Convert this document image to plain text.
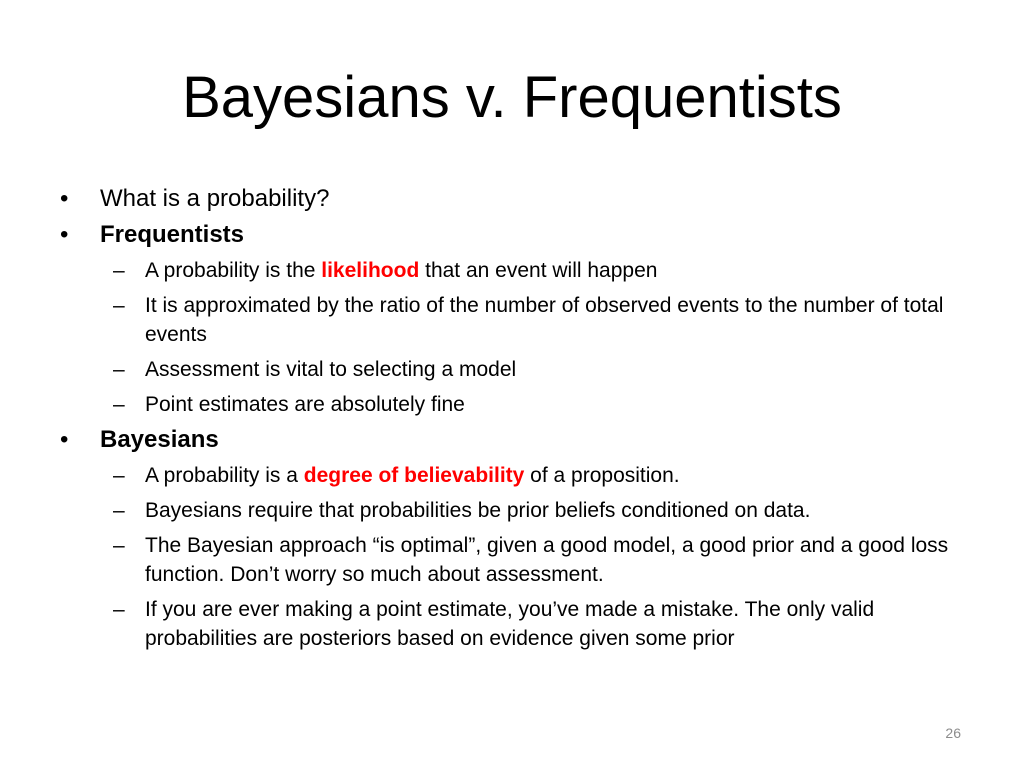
Bayesians v. Frequentists
• What is a probability?
• Frequentists
– A probability is the likelihood that an event will happen
– It is approximated by the ratio of the number of observed events to the number of total events
– Assessment is vital to selecting a model
– Point estimates are absolutely fine
• Bayesians
– A probability is a degree of believability of a proposition.
– Bayesians require that probabilities be prior beliefs conditioned on data.
– The Bayesian approach “is optimal”, given a good model, a good prior and a good loss function. Don’t worry so much about assessment.
– If you are ever making a point estimate, you’ve made a mistake. The only valid probabilities are posteriors based on evidence given some prior
26
